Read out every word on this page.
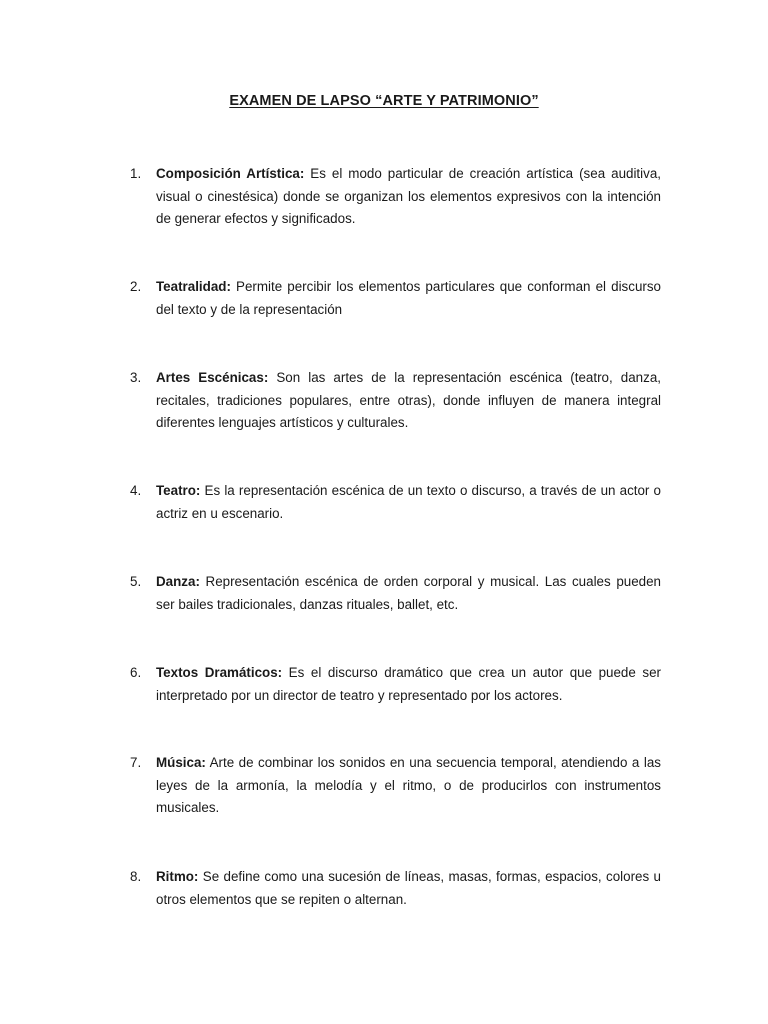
EXAMEN DE LAPSO “ARTE Y PATRIMONIO”
1.	Composición Artística: Es el modo particular de creación artística (sea auditiva, visual o cinestésica) donde se organizan los elementos expresivos con la intención de generar efectos y significados.
2.	Teatralidad: Permite percibir los elementos particulares que conforman el discurso del texto y de la representación
3.	Artes Escénicas: Son las artes de la representación escénica (teatro, danza, recitales, tradiciones populares, entre otras), donde influyen de manera integral diferentes lenguajes artísticos y culturales.
4.	Teatro: Es la representación escénica de un texto o discurso, a través de un actor o actriz en u escenario.
5.	Danza: Representación escénica de orden corporal y musical. Las cuales pueden ser bailes tradicionales, danzas rituales, ballet, etc.
6.	Textos Dramáticos: Es el discurso dramático que crea un autor que puede ser interpretado por un director de teatro y representado por los actores.
7.	Música: Arte de combinar los sonidos en una secuencia temporal, atendiendo a las leyes de la armonía, la melodía y el ritmo, o de producirlos con instrumentos musicales.
8.	Ritmo: Se define como una sucesión de líneas, masas, formas, espacios, colores u otros elementos que se repiten o alternan.
